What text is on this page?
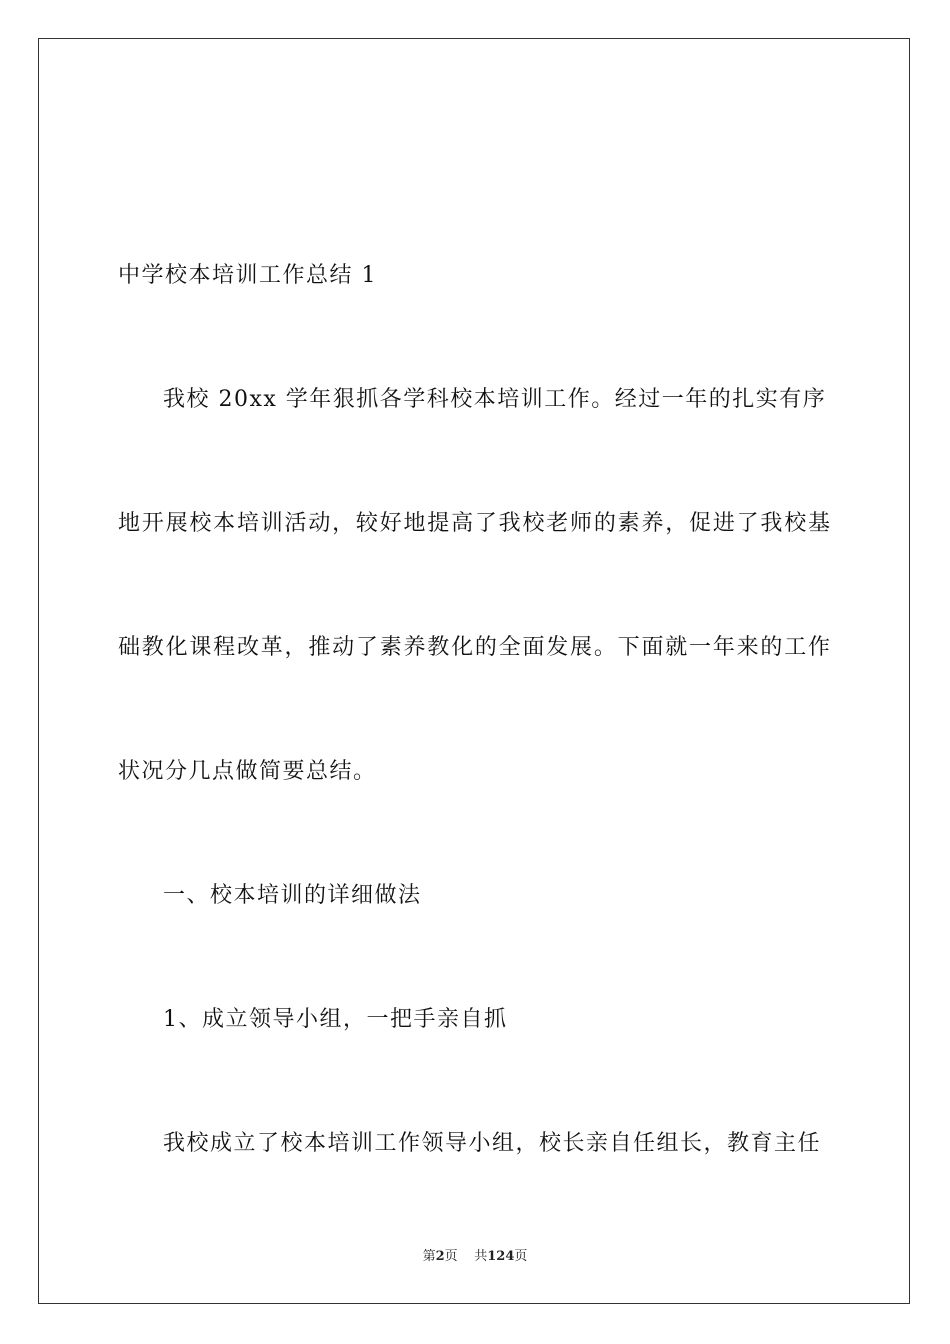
中学校本培训工作总结 1
我校 20xx 学年狠抓各学科校本培训工作。经过一年的扎实有序
地开展校本培训活动，较好地提高了我校老师的素养，促进了我校基
础教化课程改革，推动了素养教化的全面发展。下面就一年来的工作
状况分几点做简要总结。
一、校本培训的详细做法
1、成立领导小组，一把手亲自抓
我校成立了校本培训工作领导小组，校长亲自任组长，教育主任
第2页 共124页
